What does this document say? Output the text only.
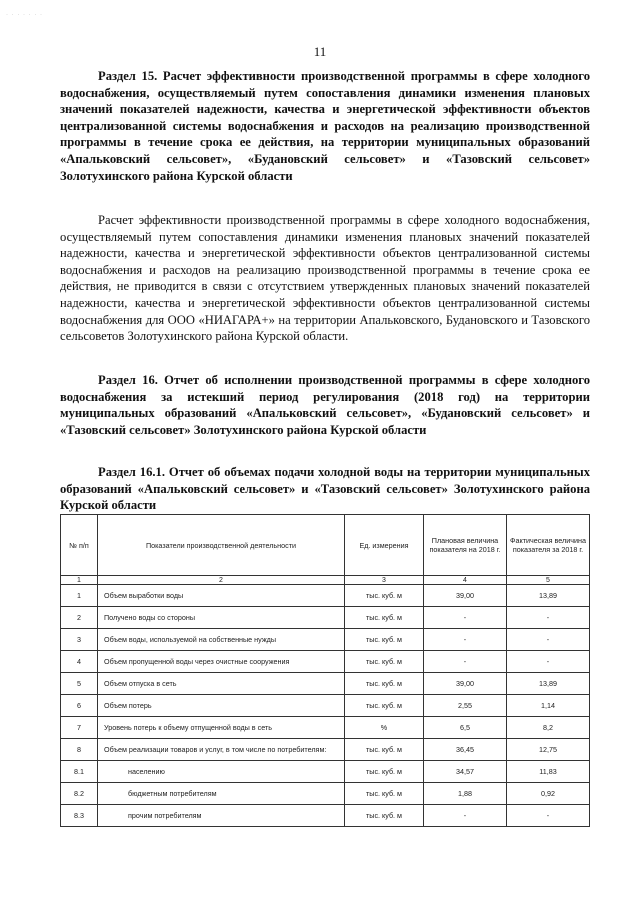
· · · · · · ·
11

Раздел 15. Расчет эффективности производственной программы в сфере холодного водоснабжения, осуществляемый путем сопоставления динамики изменения плановых значений показателей надежности, качества и энергетической эффективности объектов централизованной системы водоснабжения и расходов на реализацию производственной программы в течение срока ее действия, на территории муниципальных образований «Апальковский сельсовет», «Будановский сельсовет» и «Тазовский сельсовет» Золотухинского района Курской области

Расчет эффективности производственной программы в сфере холодного водоснабжения, осуществляемый путем сопоставления динамики изменения плановых значений показателей надежности, качества и энергетической эффективности объектов централизованной системы водоснабжения и расходов на реализацию производственной программы в течение срока ее действия, не приводится в связи с отсутствием утвержденных плановых значений показателей надежности, качества и энергетической эффективности объектов централизованной системы водоснабжения для ООО «НИАГАРА+» на территории Апальковского, Будановского и Тазовского сельсоветов Золотухинского района Курской области.

Раздел 16. Отчет об исполнении производственной программы в сфере холодного водоснабжения за истекший период регулирования (2018 год) на территории муниципальных образований «Апальковский сельсовет», «Будановский сельсовет» и «Тазовский сельсовет» Золотухинского района Курской области

Раздел 16.1. Отчет об объемах подачи холодной воды на территории муниципальных образований «Апальковский сельсовет» и «Тазовский сельсовет» Золотухинского района Курской области

№ п/п	Показатели производственной деятельности	Ед. измерения	Плановая величина показателя на 2018 г.	Фактическая величина показателя за 2018 г.
1	2	3	4	5
1	Объем выработки воды	тыс. куб. м	39,00	13,89
2	Получено воды со стороны	тыс. куб. м	-	-
3	Объем воды, используемой на собственные нужды	тыс. куб. м	-	-
4	Объем пропущенной воды через очистные сооружения	тыс. куб. м	-	-
5	Объем отпуска в сеть	тыс. куб. м	39,00	13,89
6	Объем потерь	тыс. куб. м	2,55	1,14
7	Уровень потерь к объему отпущенной воды в сеть	%	6,5	8,2
8	Объем реализации товаров и услуг, в том числе по потребителям:	тыс. куб. м	36,45	12,75
8.1	населению	тыс. куб. м	34,57	11,83
8.2	бюджетным потребителям	тыс. куб. м	1,88	0,92
8.3	прочим потребителям	тыс. куб. м	-	-
